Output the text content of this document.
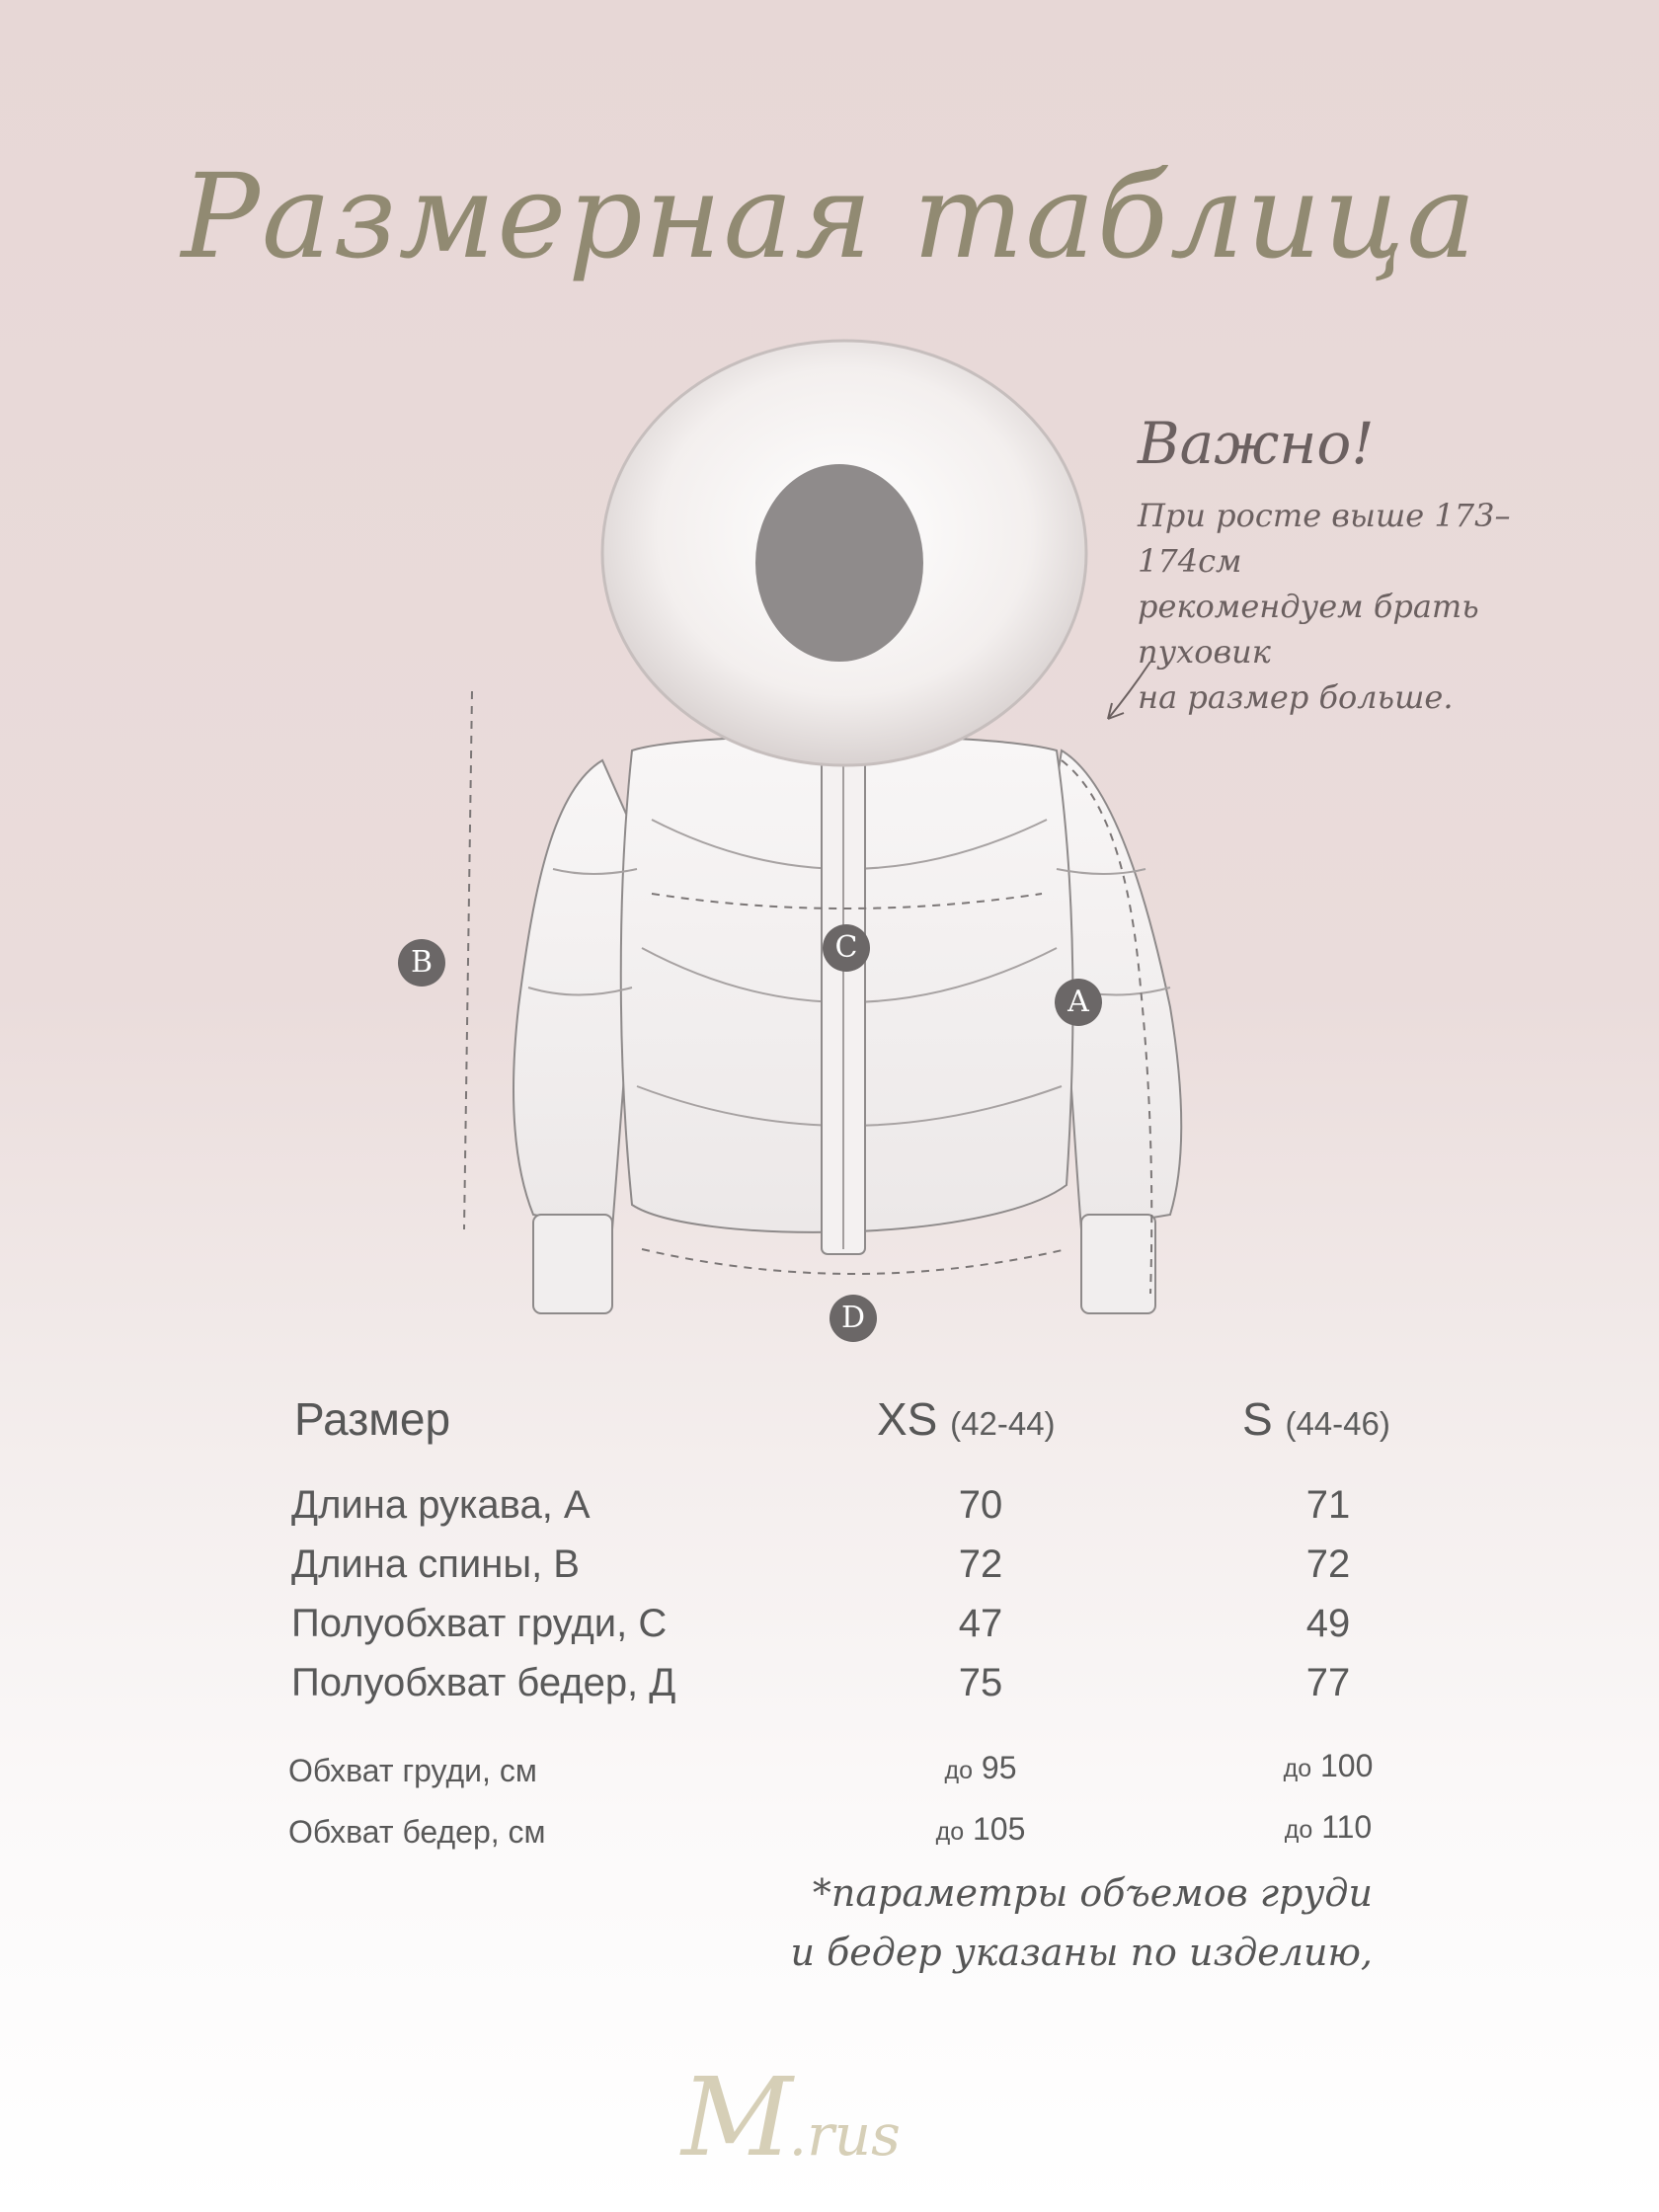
Размерная таблица
B	C
A
D
Важно!
При росте выше 173–174см
рекомендуем брать пуховик
на размер больше.
Размер	XS (42-44)	S (44-46)
Длина рукава, А	70	71
Длина спины, В	72	72
Полуобхват груди, С	47	49
Полуобхват бедер, Д	75	77
Обхват груди, см	до 95	до 100
Обхват бедер, см	до 105	до 110
*параметры объемов груди
и бедер указаны по изделию,
M.rus
